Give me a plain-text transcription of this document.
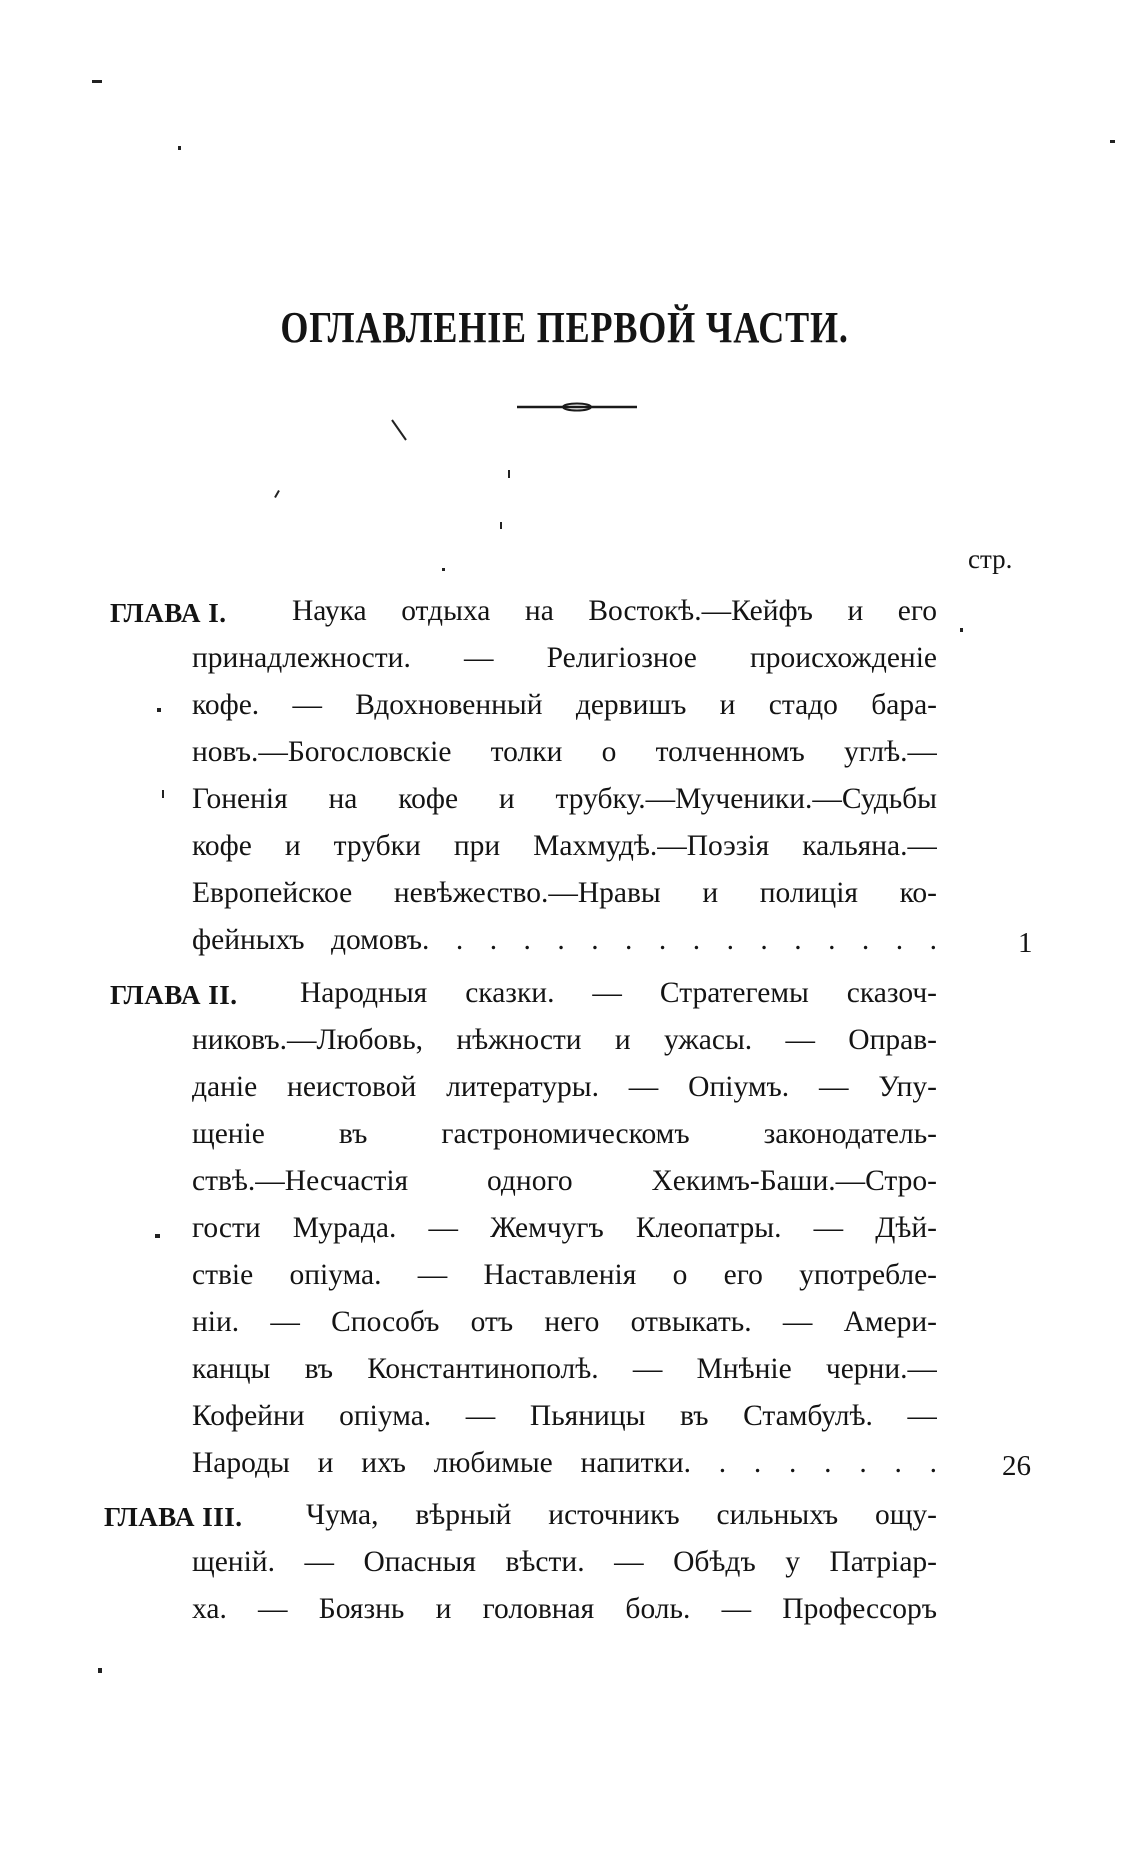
ОГЛАВЛЕНІЕ ПЕРВОЙ ЧАСТИ.
стр.
ГЛАВА I. Наука отдыха на Востокѣ.—Кейфъ и его
принадлежности. — Религіозное происхожденіе
кофе. — Вдохновенный дервишъ и стадо бара-
новъ.—Богословскіе толки о толченномъ углѣ.—
Гоненія на кофе и трубку.—Мученики.—Судьбы
кофе и трубки при Махмудѣ.—Поэзія кальяна.—
Европейское невѣжество.—Нравы и полиція ко-
фейныхъ домовъ. . . . . . . . . . . . . . . .	1
ГЛАВА II. Народныя сказки. — Стратегемы сказоч-
никовъ.—Любовь, нѣжности и ужасы. — Оправ-
даніе неистовой литературы. — Опіумъ. — Упу-
щеніе въ гастрономическомъ законодатель-
ствѣ.—Несчастія одного Хекимъ-Баши.—Стро-
гости Мурада. — Жемчугъ Клеопатры. — Дѣй-
ствіе опіума. — Наставленія о его употребле-
ніи. — Способъ отъ него отвыкать. — Амери-
канцы въ Константинополѣ. — Мнѣніе черни.—
Кофейни опіума. — Пьяницы въ Стамбулѣ. —
Народы и ихъ любимые напитки. . . . . . . . 26
ГЛАВА III. Чума, вѣрный источникъ сильныхъ ощу-
щеній. — Опасныя вѣсти. — Обѣдъ у Патріар-
ха. — Боязнь и головная боль. — Профессоръ
